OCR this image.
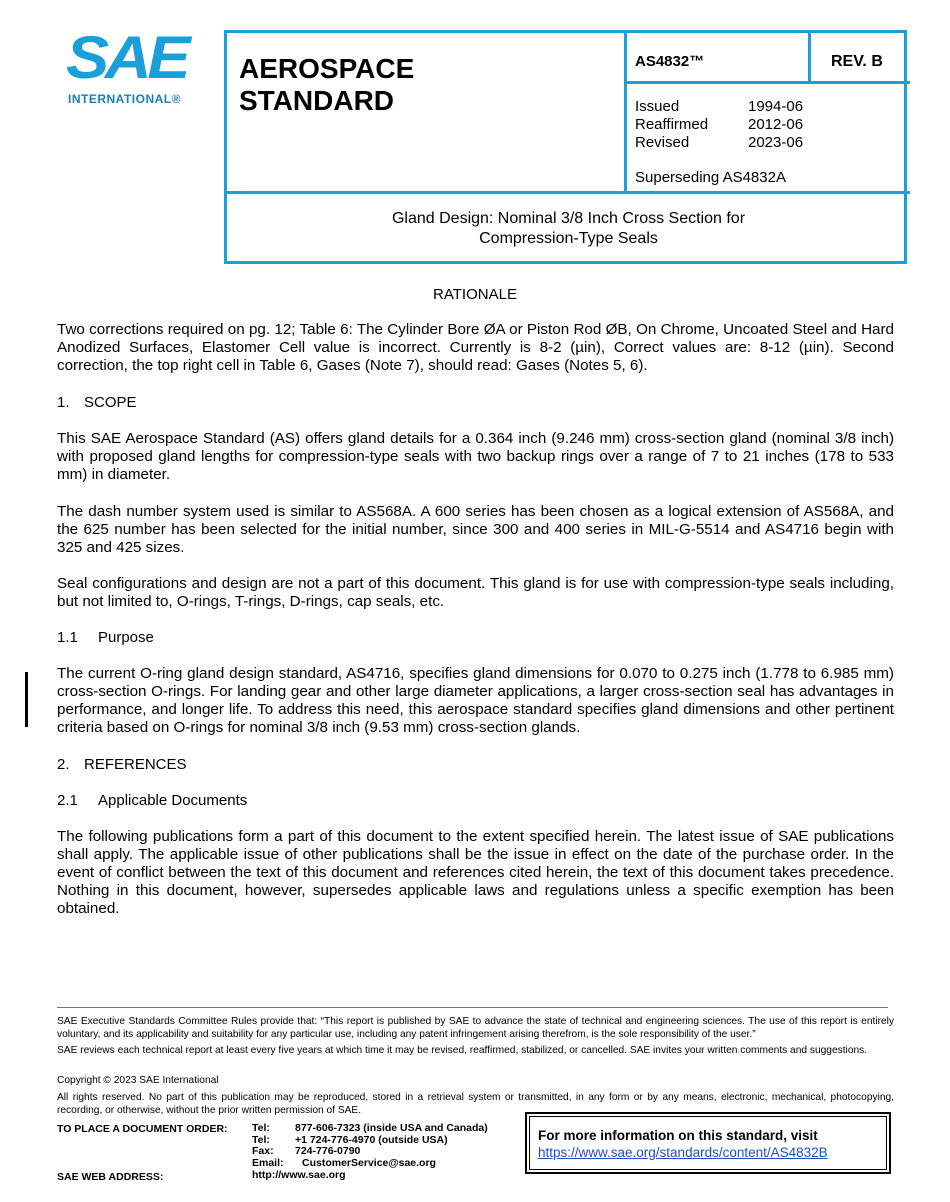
SAE
INTERNATIONAL®
AEROSPACE
STANDARD
AS4832™	REV. B
Issued	1994-06
Reaffirmed	2012-06
Revised	2023-06
Superseding AS4832A
Gland Design: Nominal 3/8 Inch Cross Section for
Compression-Type Seals
RATIONALE
Two corrections required on pg. 12; Table 6: The Cylinder Bore ØA or Piston Rod ØB, On Chrome, Uncoated Steel and Hard Anodized Surfaces, Elastomer Cell value is incorrect. Currently is 8-2 (µin), Correct values are: 8-12 (µin). Second correction, the top right cell in Table 6, Gases (Note 7), should read: Gases (Notes 5, 6).
1. SCOPE
This SAE Aerospace Standard (AS) offers gland details for a 0.364 inch (9.246 mm) cross-section gland (nominal 3/8 inch) with proposed gland lengths for compression-type seals with two backup rings over a range of 7 to 21 inches (178 to 533 mm) in diameter.
The dash number system used is similar to AS568A. A 600 series has been chosen as a logical extension of AS568A, and the 625 number has been selected for the initial number, since 300 and 400 series in MIL-G-5514 and AS4716 begin with 325 and 425 sizes.
Seal configurations and design are not a part of this document. This gland is for use with compression-type seals including, but not limited to, O-rings, T-rings, D-rings, cap seals, etc.
1.1 Purpose
The current O-ring gland design standard, AS4716, specifies gland dimensions for 0.070 to 0.275 inch (1.778 to 6.985 mm) cross-section O-rings. For landing gear and other large diameter applications, a larger cross-section seal has advantages in performance, and longer life. To address this need, this aerospace standard specifies gland dimensions and other pertinent criteria based on O-rings for nominal 3/8 inch (9.53 mm) cross-section glands.
2. REFERENCES
2.1 Applicable Documents
The following publications form a part of this document to the extent specified herein. The latest issue of SAE publications shall apply. The applicable issue of other publications shall be the issue in effect on the date of the purchase order. In the event of conflict between the text of this document and references cited herein, the text of this document takes precedence. Nothing in this document, however, supersedes applicable laws and regulations unless a specific exemption has been obtained.
SAE Executive Standards Committee Rules provide that: “This report is published by SAE to advance the state of technical and engineering sciences. The use of this report is entirely voluntary, and its applicability and suitability for any particular use, including any patent infringement arising therefrom, is the sole responsibility of the user.”
SAE reviews each technical report at least every five years at which time it may be revised, reaffirmed, stabilized, or cancelled. SAE invites your written comments and suggestions.
Copyright © 2023 SAE International
All rights reserved. No part of this publication may be reproduced, stored in a retrieval system or transmitted, in any form or by any means, electronic, mechanical, photocopying, recording, or otherwise, without the prior written permission of SAE.
TO PLACE A DOCUMENT ORDER:
SAE WEB ADDRESS:
Tel:	877-606-7323 (inside USA and Canada)
Tel:	+1 724-776-4970 (outside USA)
Fax:	724-776-0790
Email:	CustomerService@sae.org
http://www.sae.org
For more information on this standard, visit
https://www.sae.org/standards/content/AS4832B
